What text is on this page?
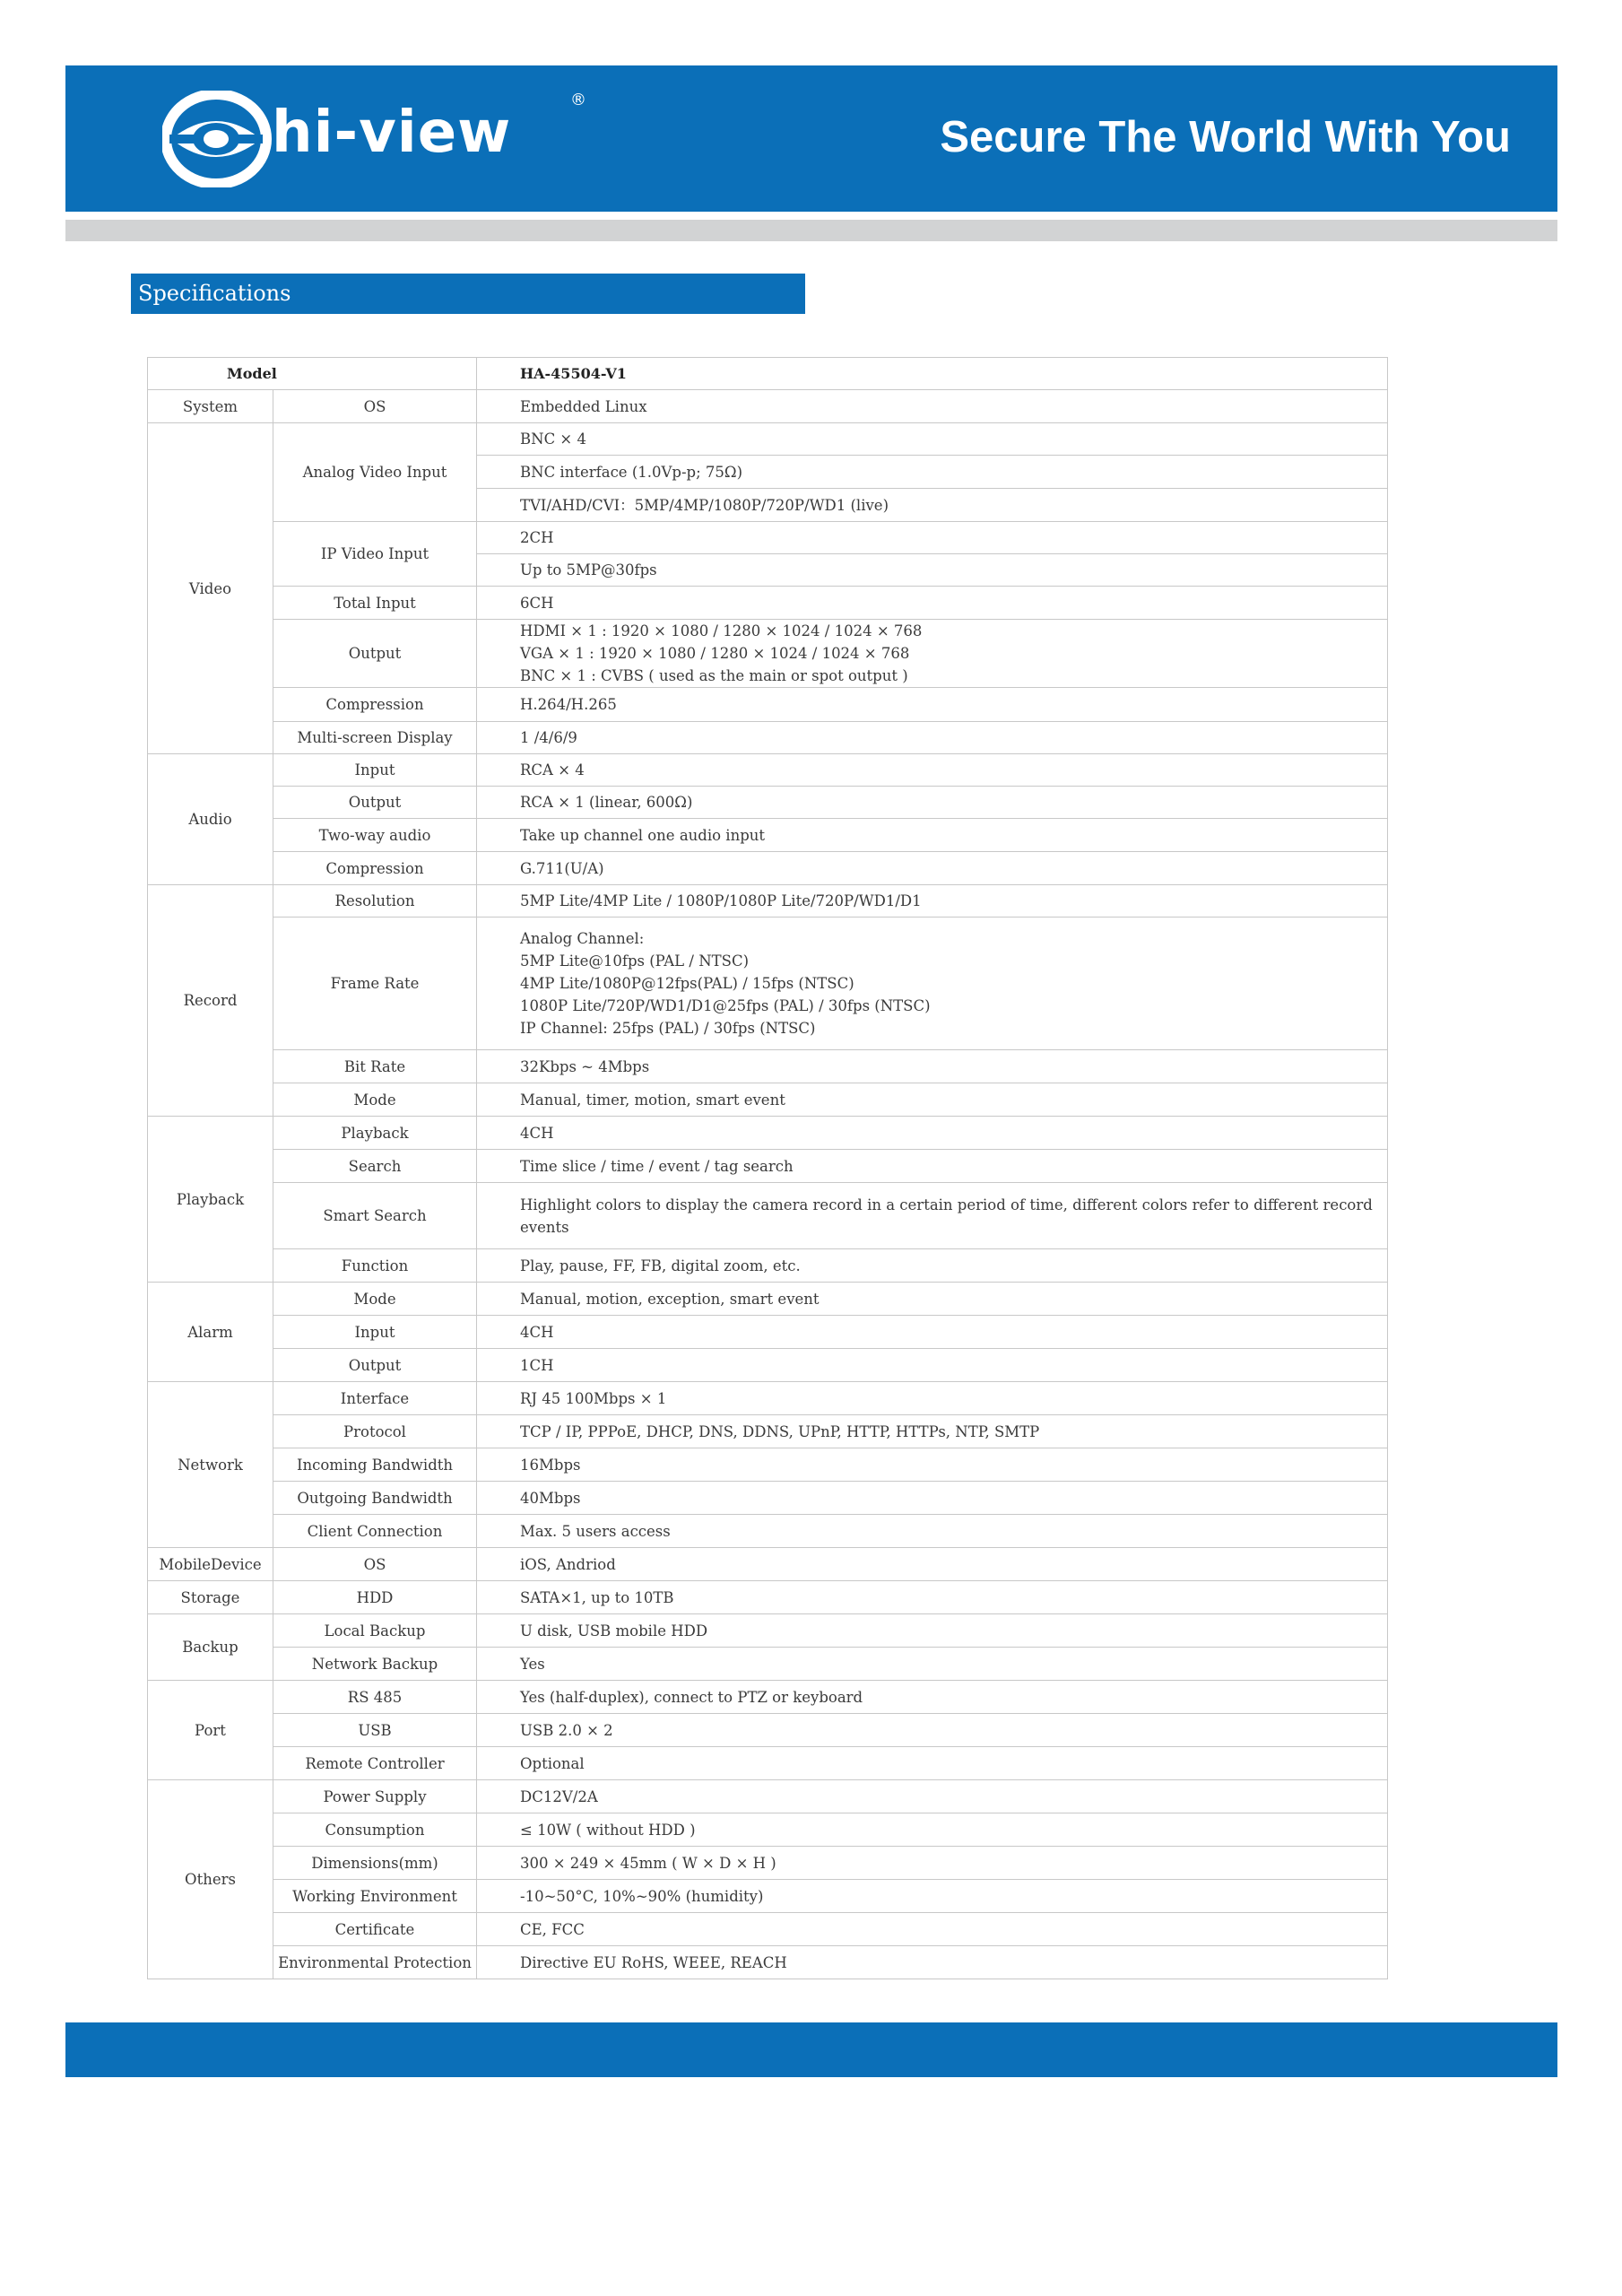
hi-view	®
Secure The World With You
Specifications
Model		HA-45504-V1
System	OS	Embedded Linux

Video	Analog Video Input	BNC × 4

		BNC interface (1.0Vp-p; 75Ω)

		TVI/AHD/CVI：5MP/4MP/1080P/720P/WD1 (live)

	IP Video Input	2CH

		Up to 5MP@30fps

	Total Input	6CH

	Output	HDMI × 1 : 1920 × 1080 / 1280 × 1024 / 1024 × 768
VGA × 1 : 1920 × 1080 / 1280 × 1024 / 1024 × 768
BNC × 1 : CVBS ( used as the main or spot output )

	Compression	H.264/H.265

	Multi-screen Display	1 /4/6/9

Audio	Input	RCA × 4

	Output	RCA × 1 (linear, 600Ω)

	Two-way audio	Take up channel one audio input

	Compression	G.711(U/A)

Record	Resolution	5MP Lite/4MP Lite / 1080P/1080P Lite/720P/WD1/D1

	Frame Rate	Analog Channel:
5MP Lite@10fps (PAL / NTSC)
4MP Lite/1080P@12fps(PAL) / 15fps (NTSC)
1080P Lite/720P/WD1/D1@25fps (PAL) / 30fps (NTSC)
IP Channel: 25fps (PAL) / 30fps (NTSC)

	Bit Rate	32Kbps ~ 4Mbps

	Mode	Manual, timer, motion, smart event

Playback	Playback	4CH

	Search	Time slice / time / event / tag search

	Smart Search	Highlight colors to display the camera record in a certain period of time, different colors refer to different record
events

	Function	Play, pause, FF, FB, digital zoom, etc.

Alarm	Mode	Manual, motion, exception, smart event

	Input	4CH

	Output	1CH

Network	Interface	RJ 45 100Mbps × 1

	Protocol	TCP / IP, PPPoE, DHCP, DNS, DDNS, UPnP, HTTP, HTTPs, NTP, SMTP

	Incoming Bandwidth	16Mbps

	Outgoing Bandwidth	40Mbps

	Client Connection	Max. 5 users access

MobileDevice	OS	iOS, Andriod

Storage	HDD	SATA×1, up to 10TB

Backup	Local Backup	U disk, USB mobile HDD

	Network Backup	Yes

Port	RS 485	Yes (half-duplex), connect to PTZ or keyboard

	USB	USB 2.0 × 2

	Remote Controller	Optional

Others	Power Supply	DC12V/2A

	Consumption	≤ 10W ( without HDD )

	Dimensions(mm)	300 × 249 × 45mm ( W × D × H )

	Working Environment	-10~50°C, 10%~90% (humidity)

	Certificate	CE, FCC

	Environmental Protection	Directive EU RoHS, WEEE, REACH
